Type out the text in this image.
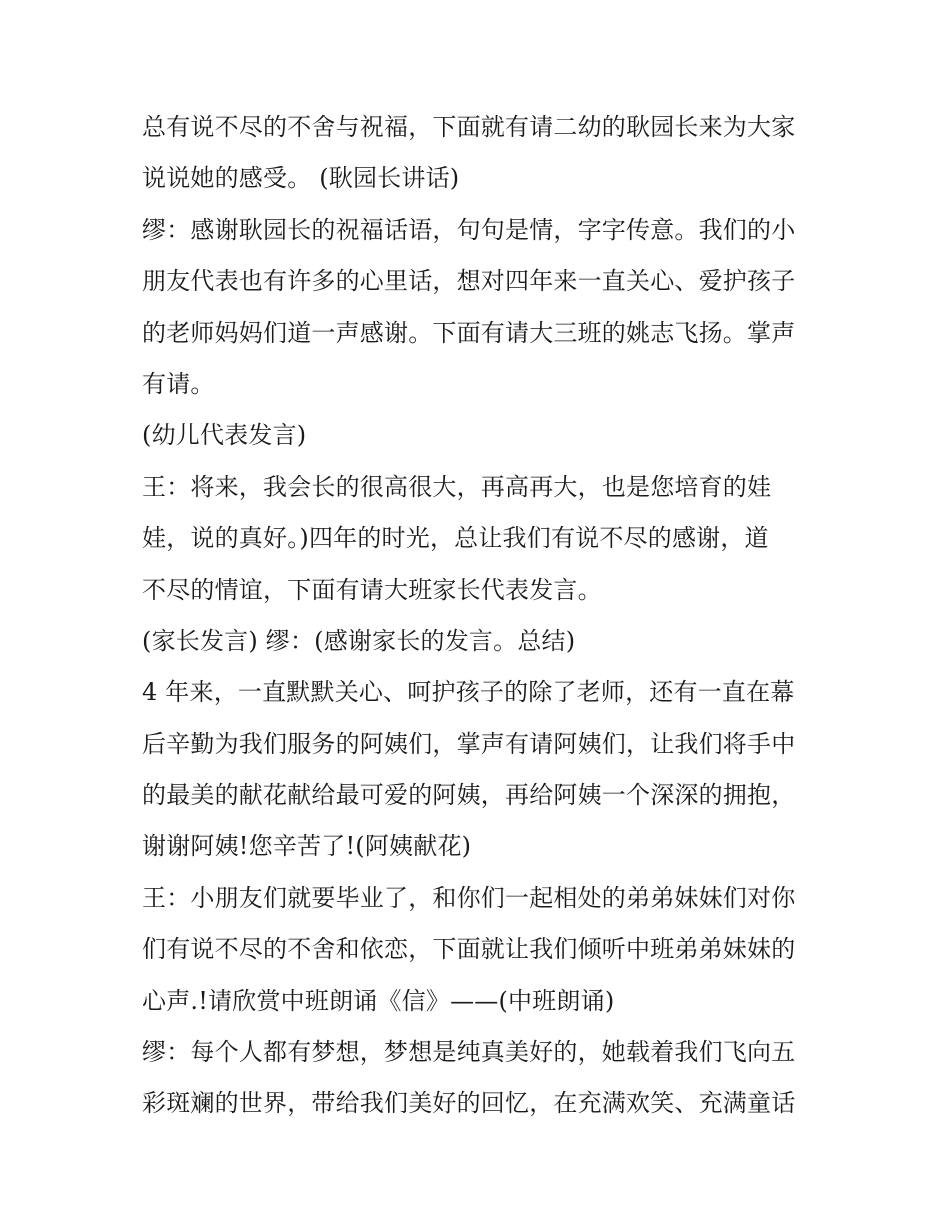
总有说不尽的不舍与祝福，下面就有请二幼的耿园长来为大家
说说她的感受。 (耿园长讲话)
缪：感谢耿园长的祝福话语，句句是情，字字传意。我们的小
朋友代表也有许多的心里话，想对四年来一直关心、爱护孩子
的老师妈妈们道一声感谢。下面有请大三班的姚志飞扬。掌声
有请。
(幼儿代表发言)
王：将来，我会长的很高很大，再高再大，也是您培育的娃
娃，说的真好。)四年的时光，总让我们有说不尽的感谢，道
不尽的情谊，下面有请大班家长代表发言。
(家长发言) 缪：(感谢家长的发言。总结)
4 年来，一直默默关心、呵护孩子的除了老师，还有一直在幕
后辛勤为我们服务的阿姨们，掌声有请阿姨们，让我们将手中
的最美的献花献给最可爱的阿姨，再给阿姨一个深深的拥抱，
谢谢阿姨!您辛苦了!(阿姨献花)
王：小朋友们就要毕业了，和你们一起相处的弟弟妹妹们对你
们有说不尽的不舍和依恋，下面就让我们倾听中班弟弟妹妹的
心声.!请欣赏中班朗诵《信》——(中班朗诵)
缪：每个人都有梦想，梦想是纯真美好的，她载着我们飞向五
彩斑斓的世界，带给我们美好的回忆，在充满欢笑、充满童话
